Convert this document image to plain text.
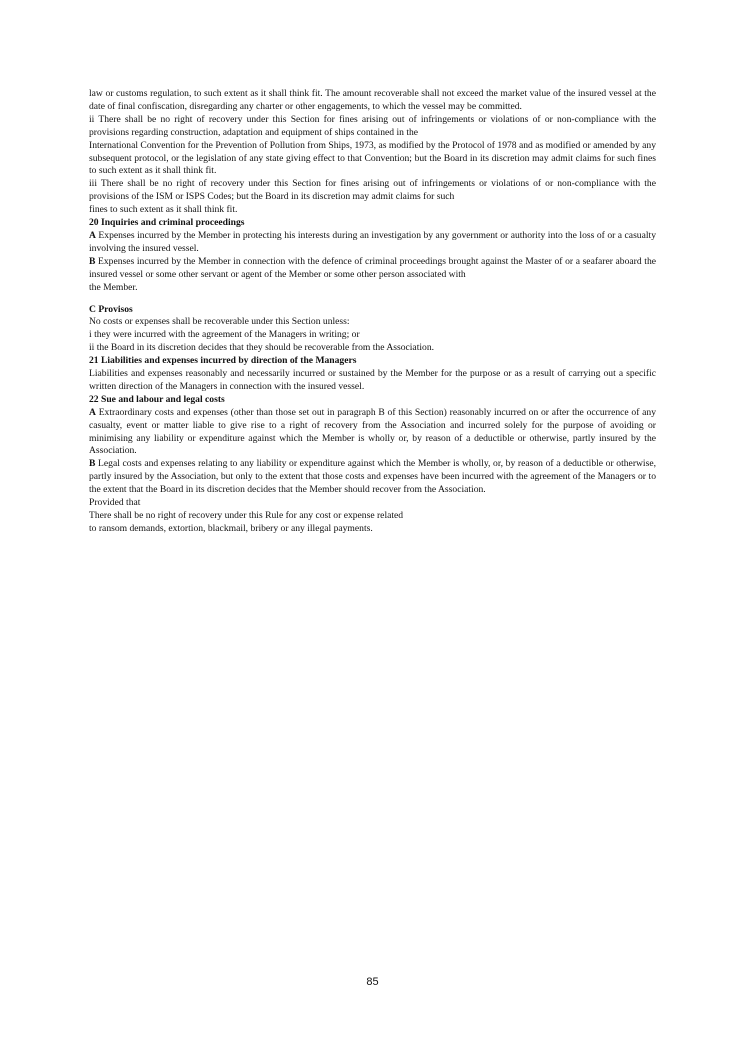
law or customs regulation, to such extent as it shall think fit. The amount recoverable shall not exceed the market value of the insured vessel at the date of final confiscation, disregarding any charter or other engagements, to which the vessel may be committed.

ii There shall be no right of recovery under this Section for fines arising out of infringements or violations of or non-compliance with the provisions regarding construction, adaptation and equipment of ships contained in the

International Convention for the Prevention of Pollution from Ships, 1973, as modified by the Protocol of 1978 and as modified or amended by any subsequent protocol, or the legislation of any state giving effect to that Convention; but the Board in its discretion may admit claims for such fines to such extent as it shall think fit.

iii There shall be no right of recovery under this Section for fines arising out of infringements or violations of or non-compliance with the provisions of the ISM or ISPS Codes; but the Board in its discretion may admit claims for such

fines to such extent as it shall think fit.

20 Inquiries and criminal proceedings

A Expenses incurred by the Member in protecting his interests during an investigation by any government or authority into the loss of or a casualty involving the insured vessel.

B Expenses incurred by the Member in connection with the defence of criminal proceedings brought against the Master of or a seafarer aboard the insured vessel or some other servant or agent of the Member or some other person associated with

the Member.

C Provisos

No costs or expenses shall be recoverable under this Section unless:

i they were incurred with the agreement of the Managers in writing; or

ii the Board in its discretion decides that they should be recoverable from the Association.

21 Liabilities and expenses incurred by direction of the Managers

Liabilities and expenses reasonably and necessarily incurred or sustained by the Member for the purpose or as a result of carrying out a specific written direction of the Managers in connection with the insured vessel.

22 Sue and labour and legal costs

A Extraordinary costs and expenses (other than those set out in paragraph B of this Section) reasonably incurred on or after the occurrence of any casualty, event or matter liable to give rise to a right of recovery from the Association and incurred solely for the purpose of avoiding or minimising any liability or expenditure against which the Member is wholly or, by reason of a deductible or otherwise, partly insured by the Association.

B Legal costs and expenses relating to any liability or expenditure against which the Member is wholly, or, by reason of a deductible or otherwise, partly insured by the Association, but only to the extent that those costs and expenses have been incurred with the agreement of the Managers or to the extent that the Board in its discretion decides that the Member should recover from the Association.

Provided that

There shall be no right of recovery under this Rule for any cost or expense related

to ransom demands, extortion, blackmail, bribery or any illegal payments.

85
